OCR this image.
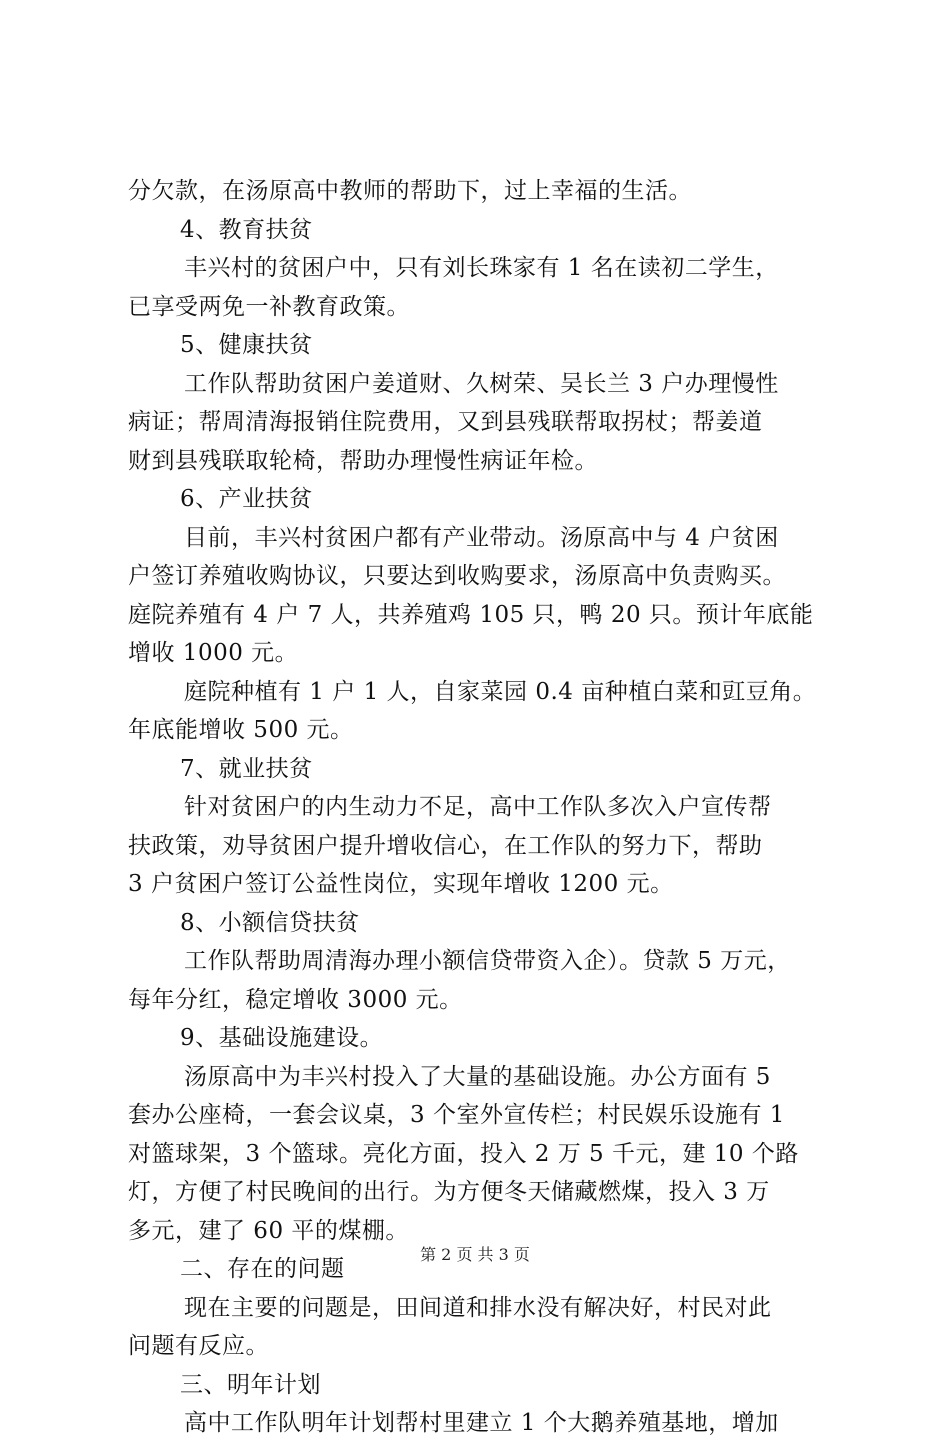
分欠款，在汤原高中教师的帮助下，过上幸福的生活。
4、教育扶贫
丰兴村的贫困户中，只有刘长珠家有 1 名在读初二学生，
已享受两免一补教育政策。
5、健康扶贫
工作队帮助贫困户姜道财、久树荣、吴长兰 3 户办理慢性
病证；帮周清海报销住院费用，又到县残联帮取拐杖；帮姜道
财到县残联取轮椅，帮助办理慢性病证年检。
6、产业扶贫
目前，丰兴村贫困户都有产业带动。汤原高中与 4 户贫困
户签订养殖收购协议，只要达到收购要求，汤原高中负责购买。
庭院养殖有 4 户 7 人，共养殖鸡 105 只，鸭 20 只。预计年底能
增收 1000 元。
庭院种植有 1 户 1 人，自家菜园 0.4 亩种植白菜和豇豆角。
年底能增收 500 元。
7、就业扶贫
针对贫困户的内生动力不足，高中工作队多次入户宣传帮
扶政策，劝导贫困户提升增收信心，在工作队的努力下，帮助
3 户贫困户签订公益性岗位，实现年增收 1200 元。
8、小额信贷扶贫
工作队帮助周清海办理小额信贷带资入企）。贷款 5 万元，
每年分红，稳定增收 3000 元。
9、基础设施建设。
汤原高中为丰兴村投入了大量的基础设施。办公方面有 5
套办公座椅，一套会议桌，3 个室外宣传栏；村民娱乐设施有 1
对篮球架，3 个篮球。亮化方面，投入 2 万 5 千元，建 10 个路
灯，方便了村民晚间的出行。为方便冬天储藏燃煤，投入 3 万
多元，建了 60 平的煤棚。
二、存在的问题
现在主要的问题是，田间道和排水没有解决好，村民对此
问题有反应。
三、明年计划
高中工作队明年计划帮村里建立 1 个大鹅养殖基地，增加
第 2 页 共 3 页
